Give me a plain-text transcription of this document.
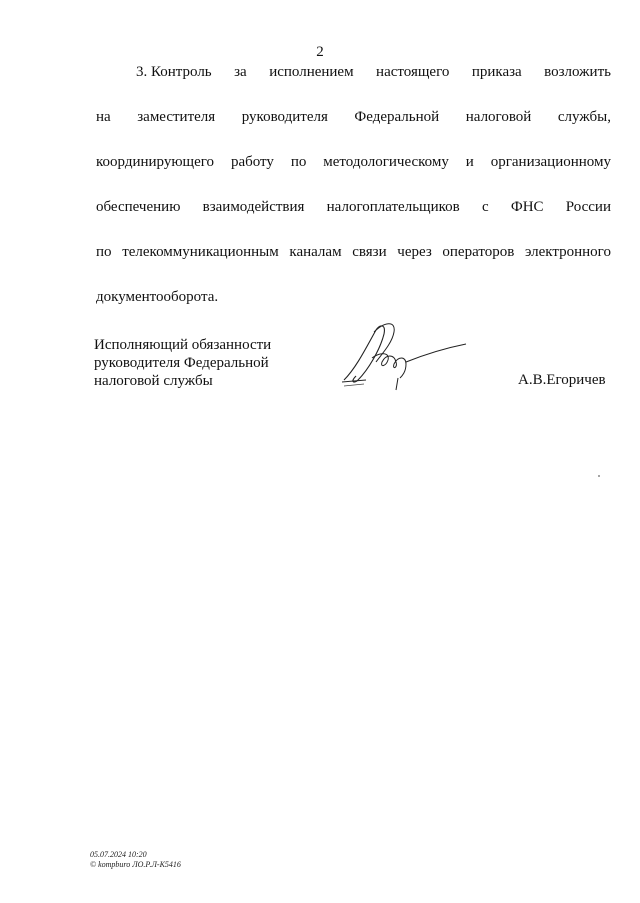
2
3. Контроль за исполнением настоящего приказа возложить
на заместителя руководителя Федеральной налоговой службы,
координирующего работу по методологическому и организационному
обеспечению взаимодействия налогоплательщиков с ФНС России
по телекоммуникационным каналам связи через операторов электронного
документооборота.
Исполняющий обязанности
руководителя Федеральной
налоговой службы	А.В.Егоричев
05.07.2024 10:20
© kompburo ЛО.Р.Л-К5416
